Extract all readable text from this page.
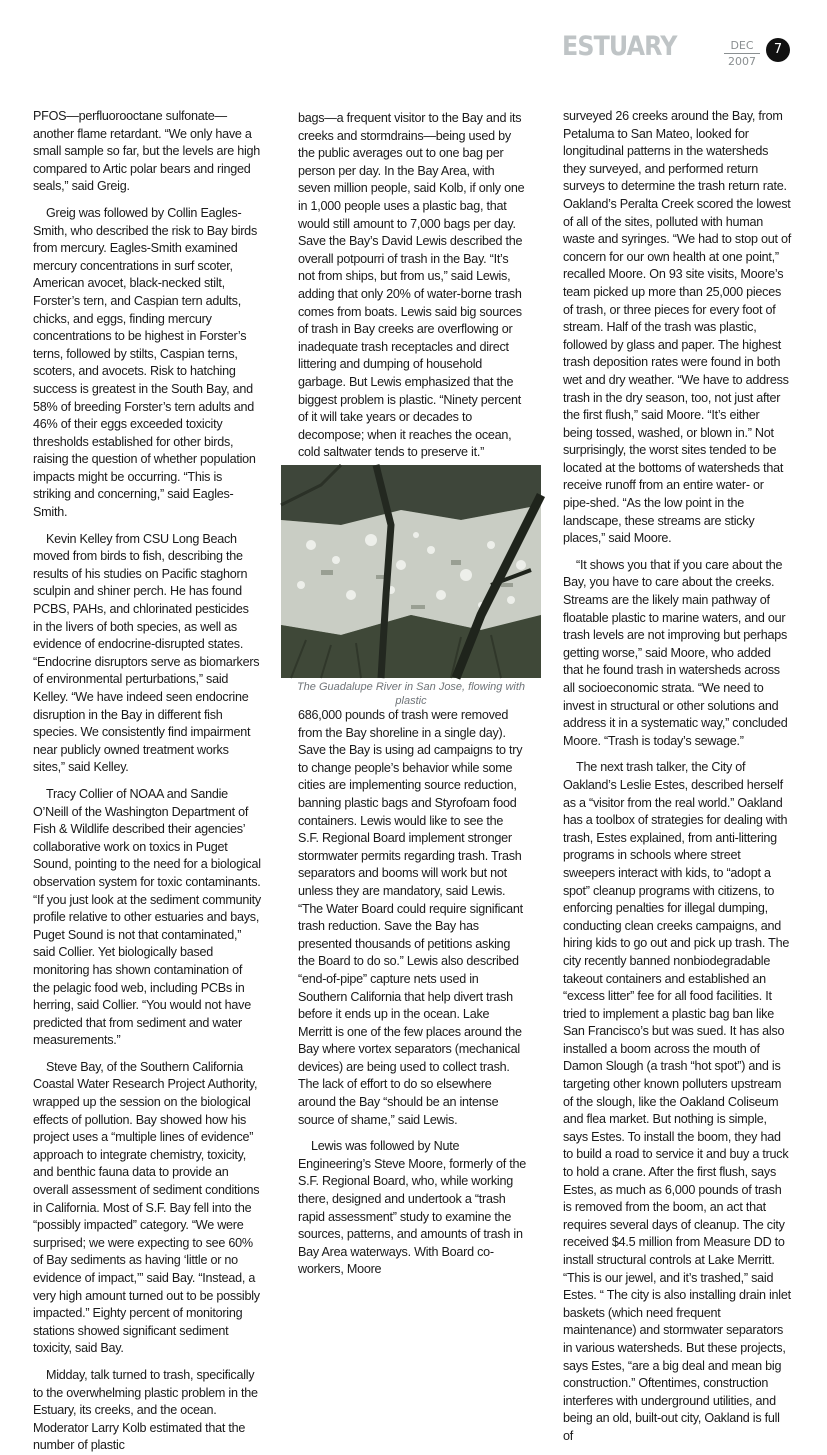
ESTUARY	DEC
2007
7

PFOS—perfluorooctane sulfonate—another flame retardant. “We only have a small sample so far, but the levels are high compared to Artic polar bears and ringed seals,” said Greig.

Greig was followed by Collin Eagles-Smith, who described the risk to Bay birds from mercury. Eagles-Smith examined mercury concentrations in surf scoter, American avocet, black-necked stilt, Forster’s tern, and Caspian tern adults, chicks, and eggs, finding mercury concentrations to be highest in Forster’s terns, followed by stilts, Caspian terns, scoters, and avocets. Risk to hatching success is greatest in the South Bay, and 58% of breeding Forster’s tern adults and 46% of their eggs exceeded toxicity thresholds established for other birds, raising the question of whether population impacts might be occurring. “This is striking and concerning,” said Eagles-Smith.

Kevin Kelley from CSU Long Beach moved from birds to fish, describing the results of his studies on Pacific staghorn sculpin and shiner perch. He has found PCBS, PAHs, and chlorinated pesticides in the livers of both species, as well as evidence of endocrine-disrupted states. “Endocrine disruptors serve as biomarkers of environmental perturbations,” said Kelley. “We have indeed seen endocrine disruption in the Bay in different fish species. We consistently find impairment near publicly owned treatment works sites,” said Kelley.

Tracy Collier of NOAA and Sandie O’Neill of the Washington Department of Fish & Wildlife described their agencies’ collaborative work on toxics in Puget Sound, pointing to the need for a biological observation system for toxic contaminants. “If you just look at the sediment community profile relative to other estuaries and bays, Puget Sound is not that contaminated,” said Collier. Yet biologically based monitoring has shown contamination of the pelagic food web, including PCBs in herring, said Collier. “You would not have predicted that from sediment and water measurements.”

Steve Bay, of the Southern California Coastal Water Research Project Authority, wrapped up the session on the biological effects of pollution. Bay showed how his project uses a “multiple lines of evidence” approach to integrate chemistry, toxicity, and benthic fauna data to provide an overall assessment of sediment conditions in California. Most of S.F. Bay fell into the “possibly impacted” category. “We were surprised; we were expecting to see 60% of Bay sediments as having ‘little or no evidence of impact,’” said Bay. “Instead, a very high amount turned out to be possibly impacted.” Eighty percent of monitoring stations showed significant sediment toxicity, said Bay.

Midday, talk turned to trash, specifically to the overwhelming plastic problem in the Estuary, its creeks, and the ocean. Moderator Larry Kolb estimated that the number of plastic

bags—a frequent visitor to the Bay and its creeks and stormdrains—being used by the public averages out to one bag per person per day. In the Bay Area, with seven million people, said Kolb, if only one in 1,000 people uses a plastic bag, that would still amount to 7,000 bags per day. Save the Bay’s David Lewis described the overall potpourri of trash in the Bay. “It’s not from ships, but from us,” said Lewis, adding that only 20% of water-borne trash comes from boats. Lewis said big sources of trash in Bay creeks are overflowing or inadequate trash receptacles and direct littering and dumping of household garbage. But Lewis emphasized that the biggest problem is plastic. “Ninety percent of it will take years or decades to decompose; when it reaches the ocean, cold saltwater tends to preserve it.”

The Guadalupe River in San Jose, flowing with plastic

686,000 pounds of trash were removed from the Bay shoreline in a single day). Save the Bay is using ad campaigns to try to change people’s behavior while some cities are implementing source reduction, banning plastic bags and Styrofoam food containers. Lewis would like to see the S.F. Regional Board implement stronger stormwater permits regarding trash. Trash separators and booms will work but not unless they are mandatory, said Lewis. “The Water Board could require significant trash reduction. Save the Bay has presented thousands of petitions asking the Board to do so.” Lewis also described “end-of-pipe” capture nets used in Southern California that help divert trash before it ends up in the ocean. Lake Merritt is one of the few places around the Bay where vortex separators (mechanical devices) are being used to collect trash. The lack of effort to do so elsewhere around the Bay “should be an intense source of shame,” said Lewis.

Lewis was followed by Nute Engineering’s Steve Moore, formerly of the S.F. Regional Board, who, while working there, designed and undertook a “trash rapid assessment” study to examine the sources, patterns, and amounts of trash in Bay Area waterways. With Board co-workers, Moore

surveyed 26 creeks around the Bay, from Petaluma to San Mateo, looked for longitudinal patterns in the watersheds they surveyed, and performed return surveys to determine the trash return rate. Oakland’s Peralta Creek scored the lowest of all of the sites, polluted with human waste and syringes. “We had to stop out of concern for our own health at one point,” recalled Moore. On 93 site visits, Moore’s team picked up more than 25,000 pieces of trash, or three pieces for every foot of stream. Half of the trash was plastic, followed by glass and paper. The highest trash deposition rates were found in both wet and dry weather. “We have to address trash in the dry season, too, not just after the first flush,” said Moore. “It’s either being tossed, washed, or blown in.” Not surprisingly, the worst sites tended to be located at the bottoms of watersheds that receive runoff from an entire water- or pipe-shed. “As the low point in the landscape, these streams are sticky places,” said Moore.

“It shows you that if you care about the Bay, you have to care about the creeks. Streams are the likely main pathway of floatable plastic to marine waters, and our trash levels are not improving but perhaps getting worse,” said Moore, who added that he found trash in watersheds across all socioeconomic strata. “We need to invest in structural or other solutions and address it in a systematic way,” concluded Moore. “Trash is today’s sewage.”

The next trash talker, the City of Oakland’s Leslie Estes, described herself as a “visitor from the real world.” Oakland has a toolbox of strategies for dealing with trash, Estes explained, from anti-littering programs in schools where street sweepers interact with kids, to “adopt a spot” cleanup programs with citizens, to enforcing penalties for illegal dumping, conducting clean creeks campaigns, and hiring kids to go out and pick up trash. The city recently banned nonbiodegradable takeout containers and established an “excess litter” fee for all food facilities. It tried to implement a plastic bag ban like San Francisco’s but was sued. It has also installed a boom across the mouth of Damon Slough (a trash “hot spot”) and is targeting other known polluters upstream of the slough, like the Oakland Coliseum and flea market. But nothing is simple, says Estes. To install the boom, they had to build a road to service it and buy a truck to hold a crane. After the first flush, says Estes, as much as 6,000 pounds of trash is removed from the boom, an act that requires several days of cleanup. The city received $4.5 million from Measure DD to install structural controls at Lake Merritt. “This is our jewel, and it’s trashed,” said Estes. “ The city is also installing drain inlet baskets (which need frequent maintenance) and stormwater separators in various watersheds. But these projects, says Estes, “are a big deal and mean big construction.” Oftentimes, construction interferes with underground utilities, and being an old, built-out city, Oakland is full of
